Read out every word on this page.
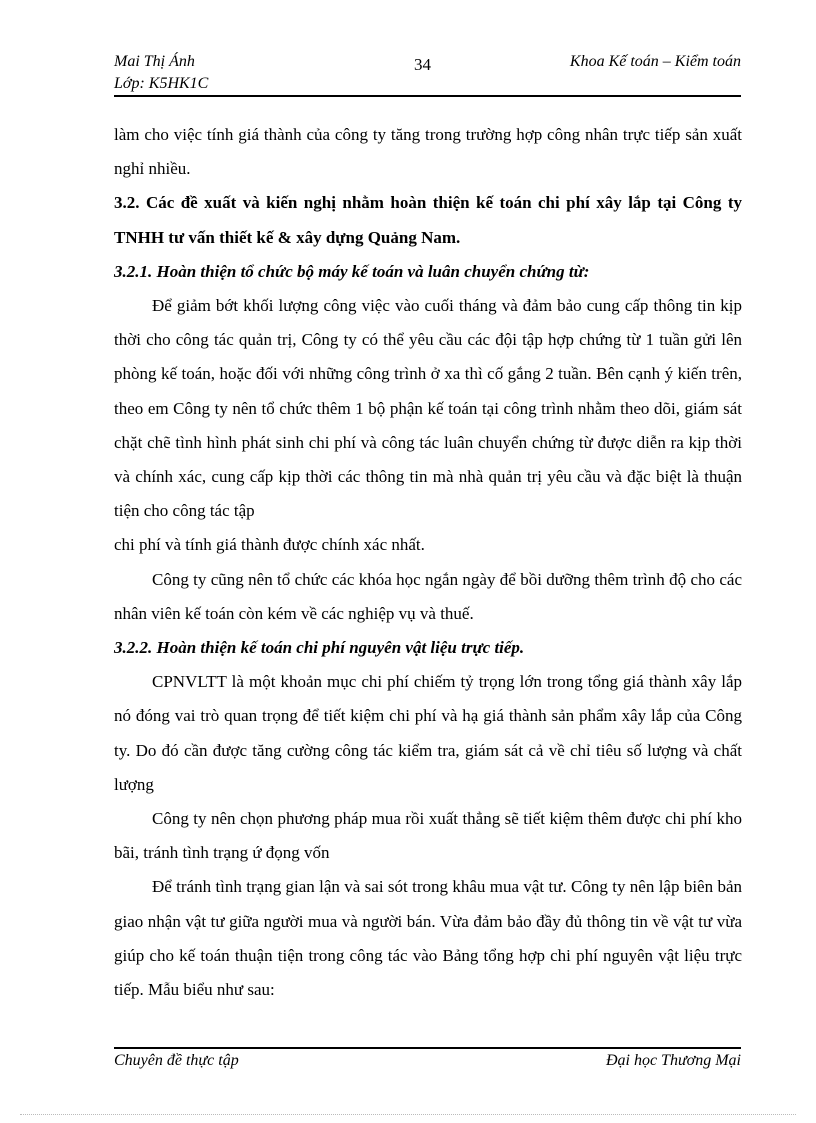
Mai Thị Ánh
Lớp: K5HK1C
34	Khoa Kế toán – Kiểm toán

làm cho việc tính giá thành của công ty tăng trong trường hợp công nhân trực tiếp sản xuất nghỉ nhiều.

3.2. Các đề xuất và kiến nghị nhằm hoàn thiện kế toán chi phí xây lắp tại Công ty TNHH tư vấn thiết kế & xây dựng Quảng Nam.

3.2.1. Hoàn thiện tổ chức bộ máy kế toán và luân chuyển chứng từ:

Để giảm bớt khối lượng công việc vào cuối tháng và đảm bảo cung cấp thông tin kịp thời cho công tác quản trị, Công ty có thể yêu cầu các đội tập hợp chứng từ 1 tuần gửi lên phòng kế toán, hoặc đối với những công trình ở xa thì cố gắng 2 tuần. Bên cạnh ý kiến trên, theo em Công ty nên tổ chức thêm 1 bộ phận kế toán tại công trình nhằm theo dõi, giám sát chặt chẽ tình hình phát sinh chi phí và công tác luân chuyển chứng từ được diễn ra kịp thời và chính xác, cung cấp kịp thời các thông tin mà nhà quản trị yêu cầu và đặc biệt là thuận tiện cho công tác tập

chi phí và tính giá thành được chính xác nhất.

Công ty cũng nên tổ chức các khóa học ngắn ngày để bồi dưỡng thêm trình độ cho các nhân viên kế toán còn kém về các nghiệp vụ và thuế.

3.2.2. Hoàn thiện kế toán chi phí nguyên vật liệu trực tiếp.

CPNVLTT là một khoản mục chi phí chiếm tỷ trọng lớn trong tổng giá thành xây lắp nó đóng vai trò quan trọng để tiết kiệm chi phí và hạ giá thành sản phẩm xây lắp của Công ty. Do đó cần được tăng cường công tác kiểm tra, giám sát cả về chỉ tiêu số lượng và chất lượng

Công ty nên chọn phương pháp mua rồi xuất thẳng sẽ tiết kiệm thêm được chi phí kho bãi, tránh tình trạng ứ đọng vốn

Để tránh tình trạng gian lận và sai sót trong khâu mua vật tư. Công ty nên lập biên bản giao nhận vật tư giữa người mua và người bán. Vừa đảm bảo đầy đủ thông tin về vật tư vừa giúp cho kế toán thuận tiện trong công tác vào Bảng tổng hợp chi phí nguyên vật liệu trực tiếp. Mẫu biểu như sau:

Chuyên đề thực tập	Đại học Thương Mại
